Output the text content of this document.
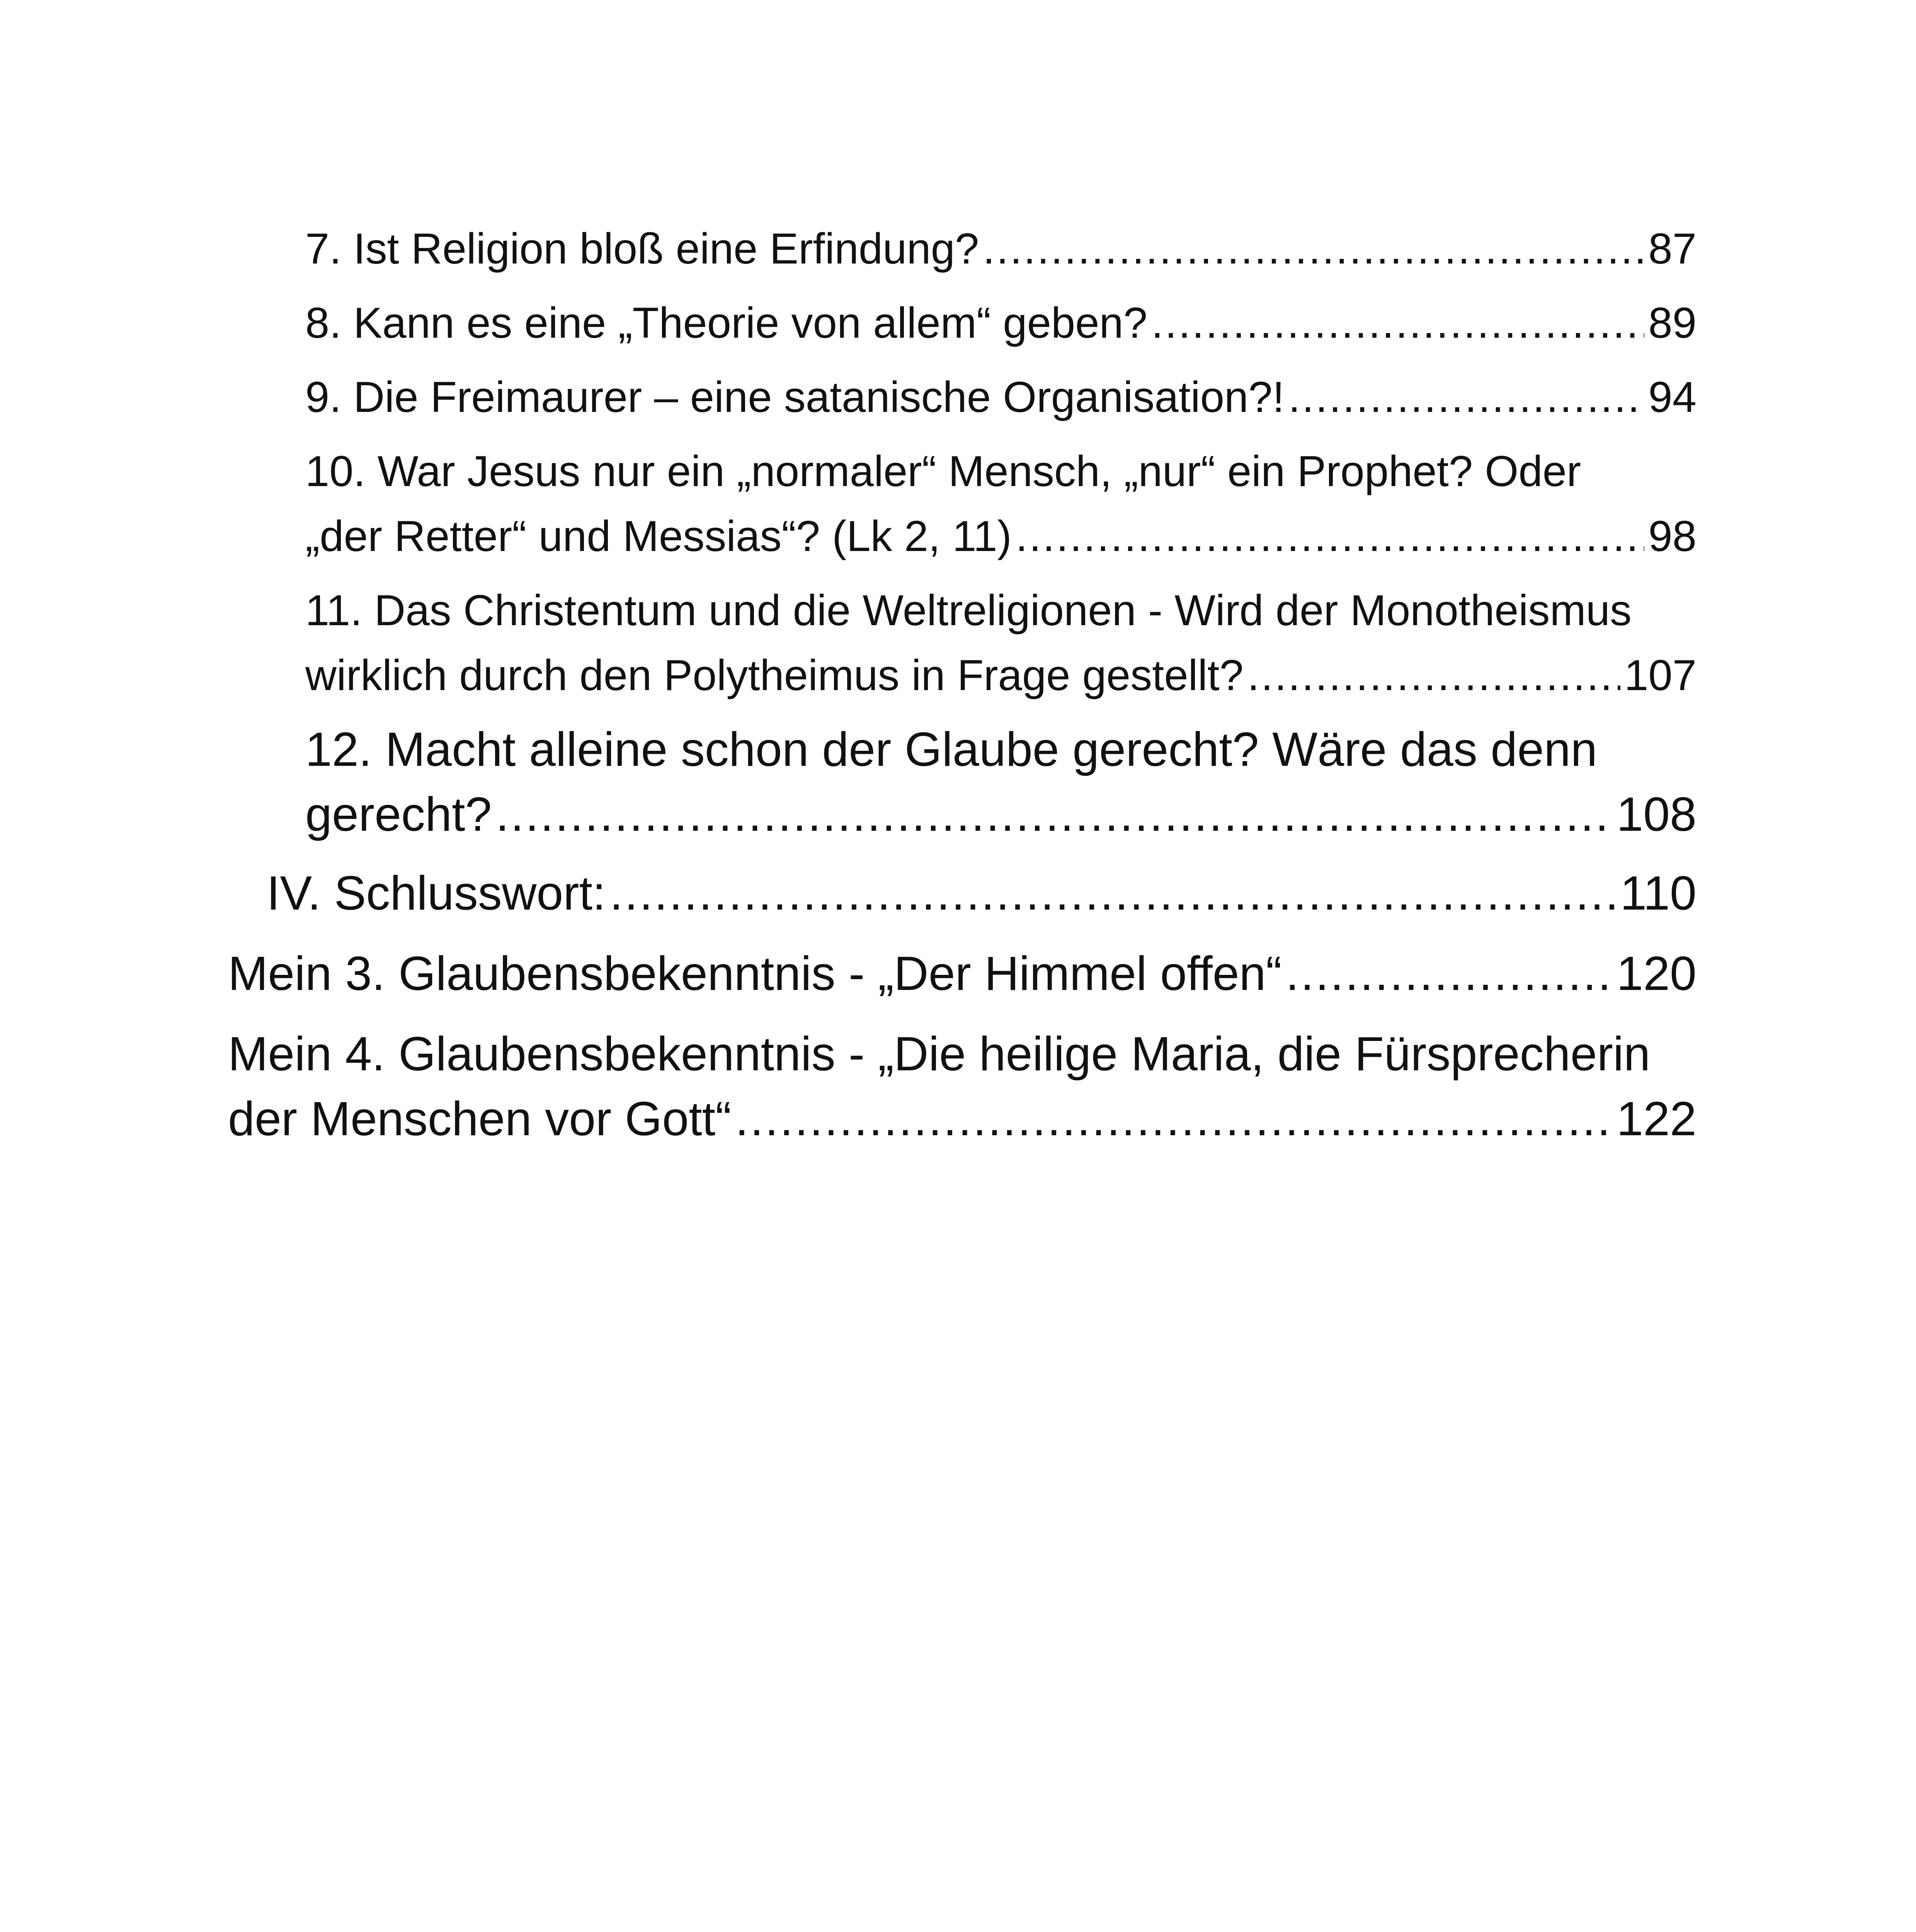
7. Ist Religion bloß eine Erfindung? .....	87
8. Kann es eine „Theorie von allem“ geben? .....	89
9. Die Freimaurer – eine satanische Organisation?! .....	94
10. War Jesus nur ein „normaler“ Mensch, „nur“ ein Prophet? Oder
„der Retter“ und Messias“? (Lk 2, 11) .....	98
11. Das Christentum und die Weltreligionen - Wird der Monotheismus
wirklich durch den Polytheimus in Frage gestellt? .....	107
12. Macht alleine schon der Glaube gerecht? Wäre das denn
gerecht? .....	108
IV. Schlusswort: .....	110
Mein 3. Glaubensbekenntnis - „Der Himmel offen“ .....	120
Mein 4. Glaubensbekenntnis - „Die heilige Maria, die Fürsprecherin
der Menschen vor Gott“ .....	122
